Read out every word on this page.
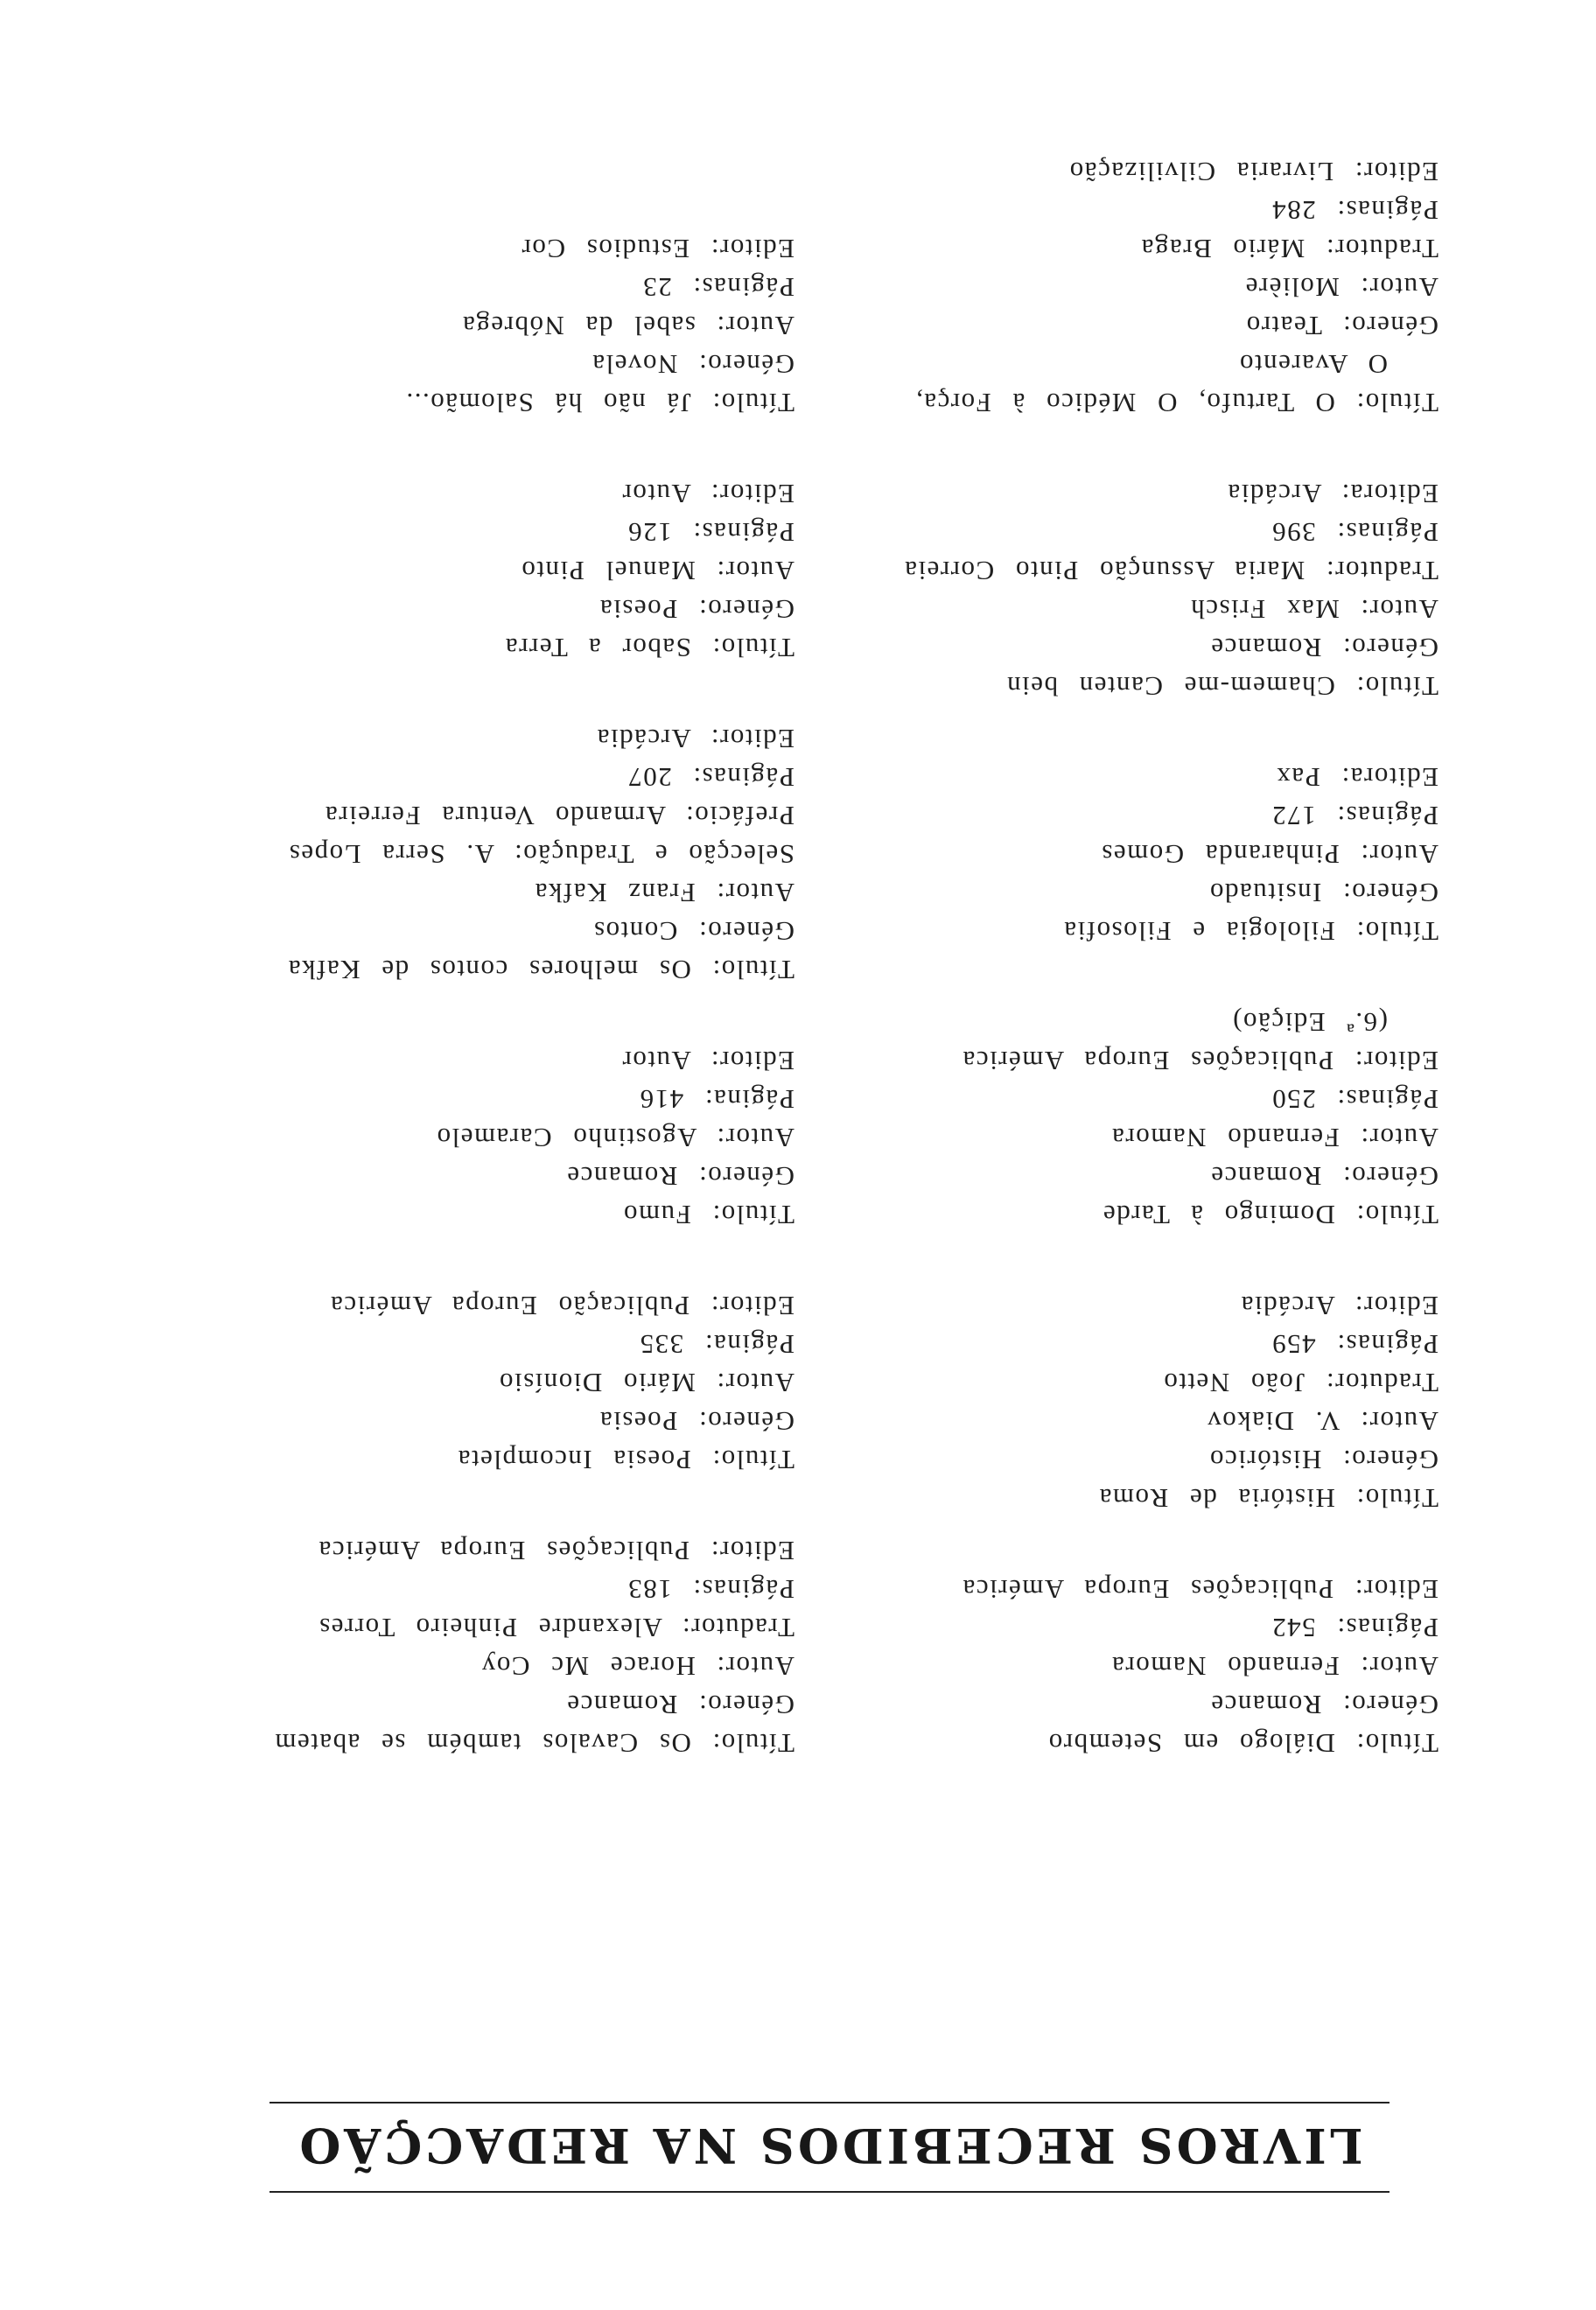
LIVROS RECEBIDOS NA REDACÇÃO
Título: Diálogo em Setembro
Género: Romance
Autor: Fernando Namora
Páginas: 542
Editor: Publicações Europa América
Título: História de Roma
Género: Histórico
Autor: V. Diakov
Tradutor: João Netto
Páginas: 459
Editor: Arcádia
Título: Domingo à Tarde
Género: Romance
Autor: Fernando Namora
Páginas: 250
Editor: Publicações Europa América
(6.ª Edição)
Título: Filologia e Filosofia
Género: Insituado
Autor: Pinharanda Gomes
Páginas: 172
Editora: Pax
Título: Chamem-me Canten bein
Género: Romance
Autor: Max Frisch
Tradutor: Maria Assunção Pinto Correia
Páginas: 396
Editora: Arcádia
Título: O Tartufo, O Médico à Força,
O Avarento
Género: Teatro
Autor: Molière
Tradutor: Mário Braga
Páginas: 284
Editor: Livraria Cilvilização
Título: Os Cavalos também se abatem
Género: Romance
Autor: Horace Mc Coy
Tradutor: Alexandre Pinheiro Torres
Páginas: 183
Editor: Publicações Europa América
Título: Poesia Incompleta
Género: Poesia
Autor: Mário Dionísio
Página: 335
Editor: Publicação Europa América
Título: Fumo
Género: Romance
Autor: Agostinho Caramelo
Página: 416
Editor: Autor
Título: Os melhores contos de Kafka
Género: Contos
Autor: Franz Kafka
Selecção e Tradução: A. Serra Lopes
Prefácio: Armando Ventura Ferreira
Páginas: 207
Editor: Arcádia
Título: Sabor a Terra
Género: Poesia
Autor: Manuel Pinto
Páginas: 126
Editor: Autor
Título: Já não há Salomão...
Género: Novela
Autor: sabel da Nóbrega
Páginas: 23
Editor: Estudios Cor
